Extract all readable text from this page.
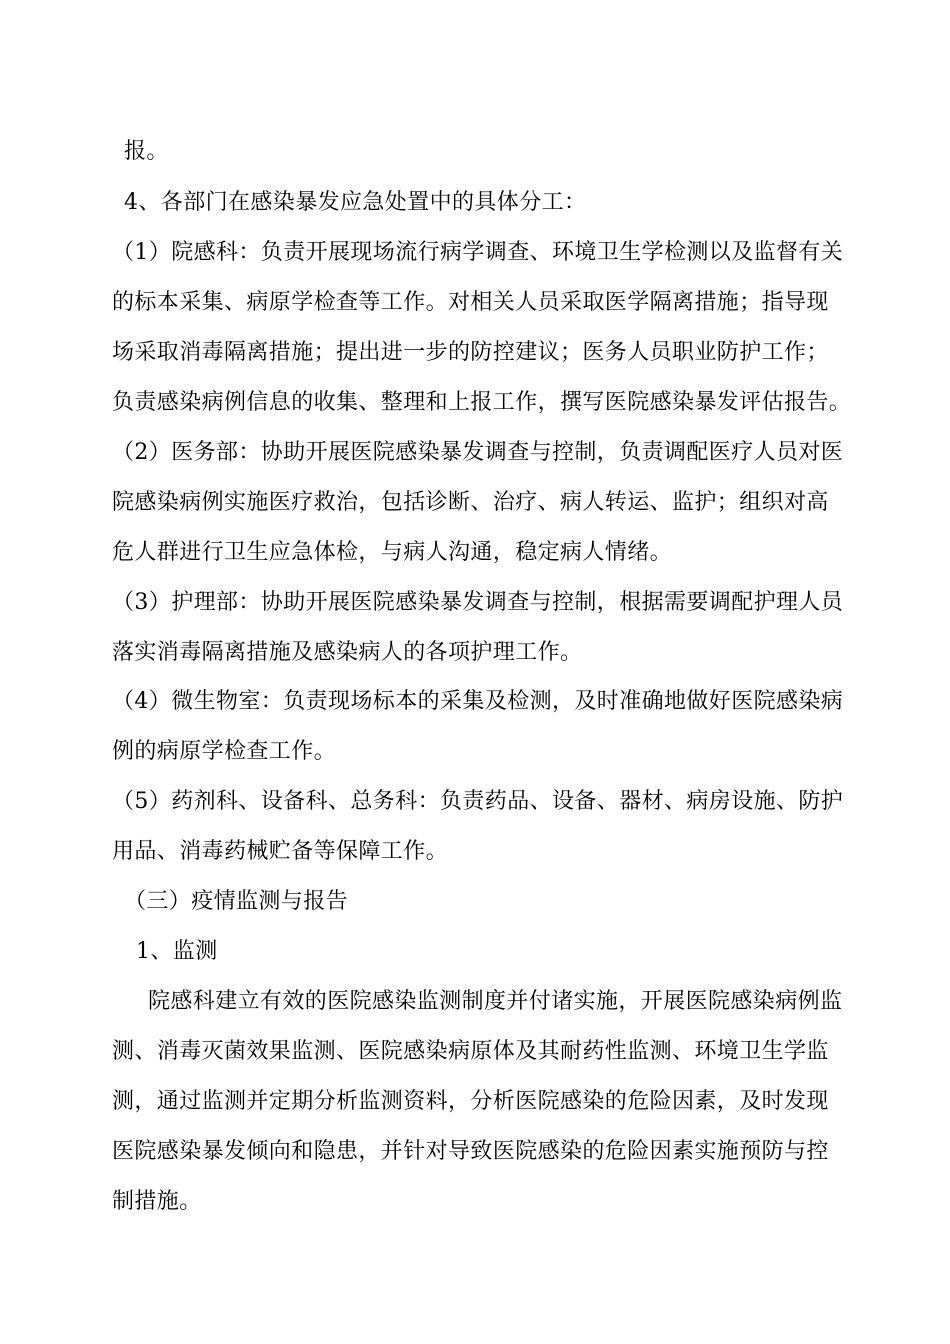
报。
4、各部门在感染暴发应急处置中的具体分工：
（1）院感科：负责开展现场流行病学调查、环境卫生学检测以及监督有关
的标本采集、病原学检查等工作。对相关人员采取医学隔离措施；指导现
场采取消毒隔离措施；提出进一步的防控建议；医务人员职业防护工作；
负责感染病例信息的收集、整理和上报工作，撰写医院感染暴发评估报告。
（2）医务部：协助开展医院感染暴发调查与控制，负责调配医疗人员对医
院感染病例实施医疗救治，包括诊断、治疗、病人转运、监护；组织对高
危人群进行卫生应急体检，与病人沟通，稳定病人情绪。
（3）护理部：协助开展医院感染暴发调查与控制，根据需要调配护理人员
落实消毒隔离措施及感染病人的各项护理工作。
（4）微生物室：负责现场标本的采集及检测，及时准确地做好医院感染病
例的病原学检查工作。
（5）药剂科、设备科、总务科：负责药品、设备、器材、病房设施、防护
用品、消毒药械贮备等保障工作。
（三）疫情监测与报告
1、监测
院感科建立有效的医院感染监测制度并付诸实施，开展医院感染病例监
测、消毒灭菌效果监测、医院感染病原体及其耐药性监测、环境卫生学监
测，通过监测并定期分析监测资料，分析医院感染的危险因素，及时发现
医院感染暴发倾向和隐患，并针对导致医院感染的危险因素实施预防与控
制措施。
